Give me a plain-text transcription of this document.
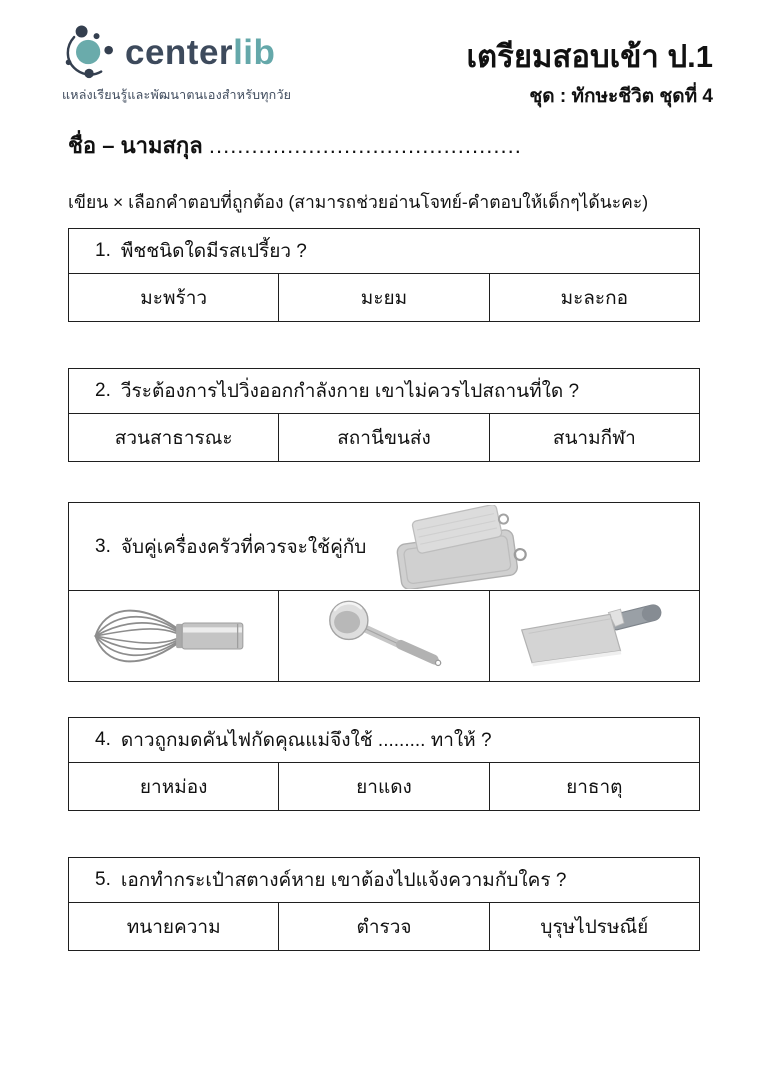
centerlib
แหล่งเรียนรู้และพัฒนาตนเองสำหรับทุกวัย
เตรียมสอบเข้า ป.1
ชุด : ทักษะชีวิต ชุดที่ 4
ชื่อ – นามสกุล ............................................
เขียน × เลือกคำตอบที่ถูกต้อง (สามารถช่วยอ่านโจทย์-คำตอบให้เด็กๆได้นะคะ)
1. พืชชนิดใดมีรสเปรี้ยว ?
มะพร้าว	มะยม	มะละกอ
2. วีระต้องการไปวิ่งออกกำลังกาย เขาไม่ควรไปสถานที่ใด ?
สวนสาธารณะ	สถานีขนส่ง	สนามกีฬา
3. จับคู่เครื่องครัวที่ควรจะใช้คู่กับ
4. ดาวถูกมดคันไฟกัดคุณแม่จึงใช้ ......... ทาให้ ?
ยาหม่อง	ยาแดง	ยาธาตุ
5. เอกทำกระเป๋าสตางค์หาย เขาต้องไปแจ้งความกับใคร ?
ทนายความ	ตำรวจ	บุรุษไปรษณีย์
